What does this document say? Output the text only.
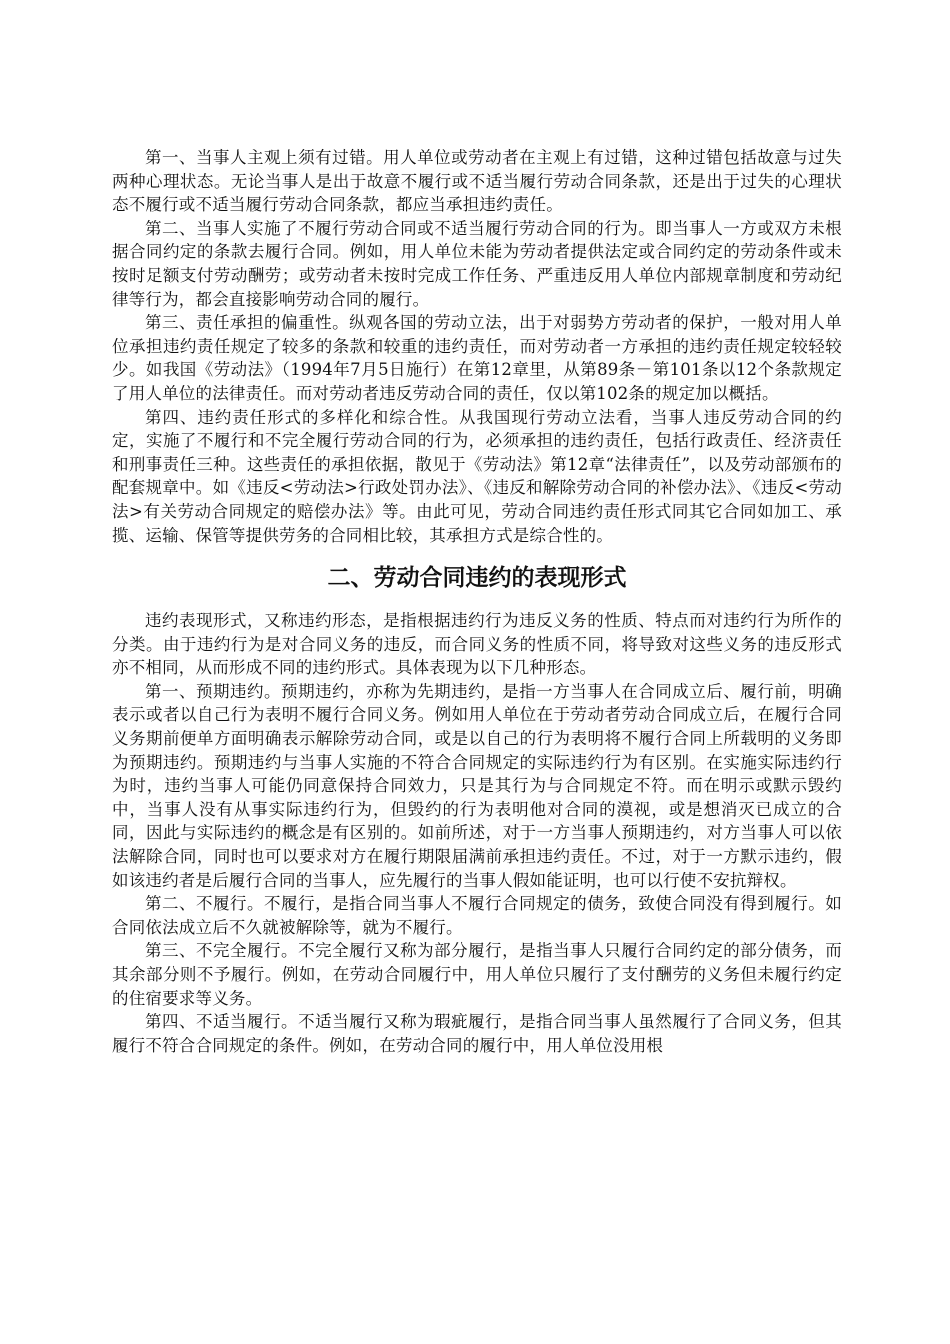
第一、当事人主观上须有过错。用人单位或劳动者在主观上有过错，这种过错包括故意与过失两种心理状态。无论当事人是出于故意不履行或不适当履行劳动合同条款，还是出于过失的心理状态不履行或不适当履行劳动合同条款，都应当承担违约责任。

第二、当事人实施了不履行劳动合同或不适当履行劳动合同的行为。即当事人一方或双方未根据合同约定的条款去履行合同。例如，用人单位未能为劳动者提供法定或合同约定的劳动条件或未按时足额支付劳动酬劳；或劳动者未按时完成工作任务、严重违反用人单位内部规章制度和劳动纪律等行为，都会直接影响劳动合同的履行。

第三、责任承担的偏重性。纵观各国的劳动立法，出于对弱势方劳动者的保护，一般对用人单位承担违约责任规定了较多的条款和较重的违约责任，而对劳动者一方承担的违约责任规定较轻较少。如我国《劳动法》（1994年7月5日施行）在第12章里，从第89条－第101条以12个条款规定了用人单位的法律责任。而对劳动者违反劳动合同的责任，仅以第102条的规定加以概括。

第四、违约责任形式的多样化和综合性。从我国现行劳动立法看，当事人违反劳动合同的约定，实施了不履行和不完全履行劳动合同的行为，必须承担的违约责任，包括行政责任、经济责任和刑事责任三种。这些责任的承担依据，散见于《劳动法》第12章“法律责任”，以及劳动部颁布的配套规章中。如《违反<劳动法>行政处罚办法》、《违反和解除劳动合同的补偿办法》、《违反<劳动法>有关劳动合同规定的赔偿办法》等。由此可见，劳动合同违约责任形式同其它合同如加工、承揽、运输、保管等提供劳务的合同相比较，其承担方式是综合性的。

二、劳动合同违约的表现形式

违约表现形式，又称违约形态，是指根据违约行为违反义务的性质、特点而对违约行为所作的分类。由于违约行为是对合同义务的违反，而合同义务的性质不同，将导致对这些义务的违反形式亦不相同，从而形成不同的违约形式。具体表现为以下几种形态。

第一、预期违约。预期违约，亦称为先期违约，是指一方当事人在合同成立后、履行前，明确表示或者以自己行为表明不履行合同义务。例如用人单位在于劳动者劳动合同成立后，在履行合同义务期前便单方面明确表示解除劳动合同，或是以自己的行为表明将不履行合同上所载明的义务即为预期违约。预期违约与当事人实施的不符合合同规定的实际违约行为有区别。在实施实际违约行为时，违约当事人可能仍同意保持合同效力，只是其行为与合同规定不符。而在明示或默示毁约中，当事人没有从事实际违约行为，但毁约的行为表明他对合同的漠视，或是想消灭已成立的合同，因此与实际违约的概念是有区别的。如前所述，对于一方当事人预期违约，对方当事人可以依法解除合同，同时也可以要求对方在履行期限届满前承担违约责任。不过，对于一方默示违约，假如该违约者是后履行合同的当事人，应先履行的当事人假如能证明，也可以行使不安抗辩权。

第二、不履行。不履行，是指合同当事人不履行合同规定的债务，致使合同没有得到履行。如合同依法成立后不久就被解除等，就为不履行。

第三、不完全履行。不完全履行又称为部分履行，是指当事人只履行合同约定的部分债务，而其余部分则不予履行。例如，在劳动合同履行中，用人单位只履行了支付酬劳的义务但未履行约定的住宿要求等义务。

第四、不适当履行。不适当履行又称为瑕疵履行，是指合同当事人虽然履行了合同义务，但其履行不符合合同规定的条件。例如，在劳动合同的履行中，用人单位没用根
